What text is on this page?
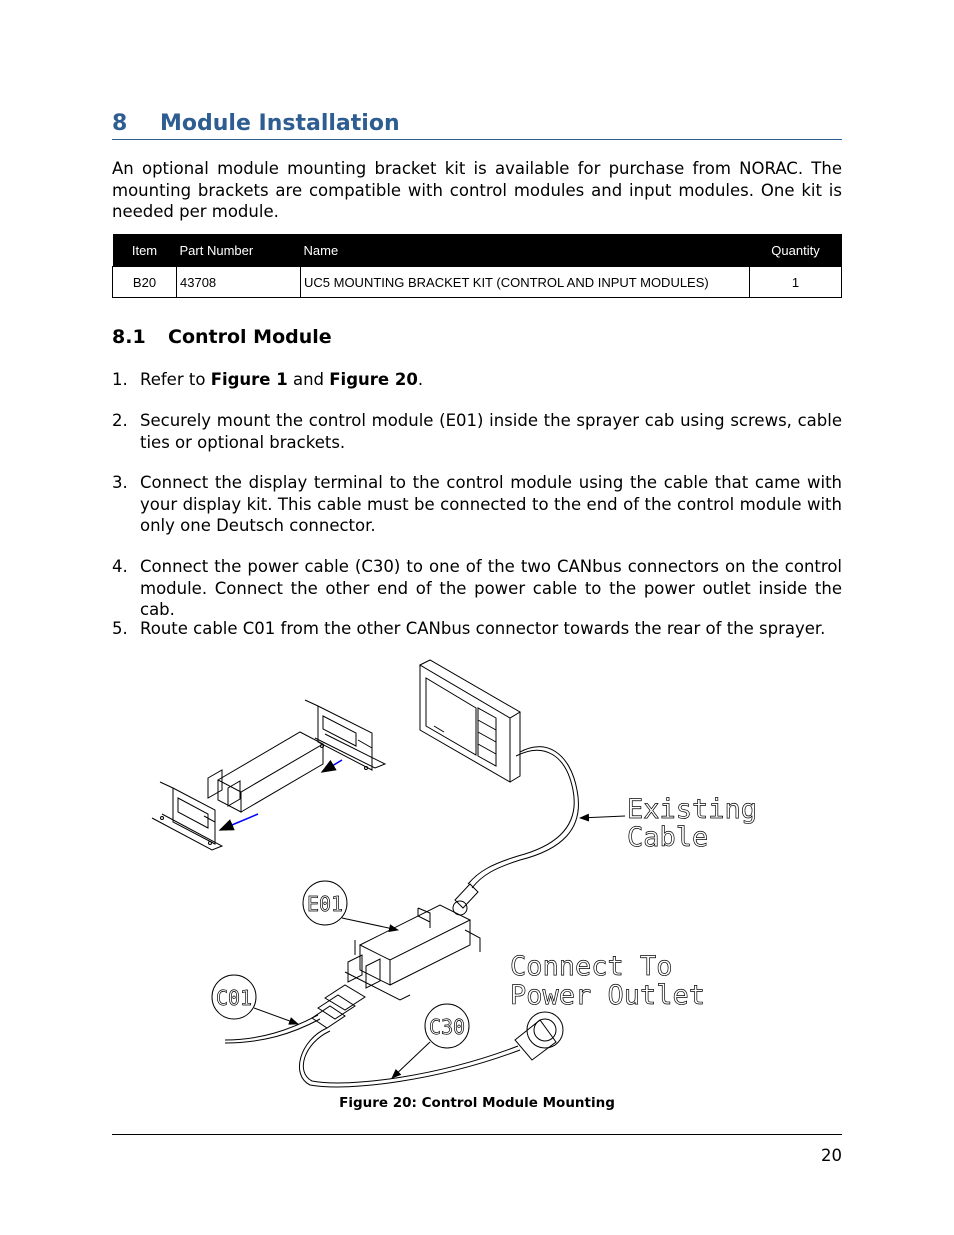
8 Module Installation
An optional module mounting bracket kit is available for purchase from NORAC. The mounting brackets are compatible with control modules and input modules. One kit is needed per module.
Item	Part Number	Name	Quantity
B20	43708	UC5 MOUNTING BRACKET KIT (CONTROL AND INPUT MODULES)	1
8.1 Control Module
1. Refer to Figure 1 and Figure 20.
2. Securely mount the control module (E01) inside the sprayer cab using screws, cable ties or optional brackets.
3. Connect the display terminal to the control module using the cable that came with your display kit. This cable must be connected to the end of the control module with only one Deutsch connector.
4. Connect the power cable (C30) to one of the two CANbus connectors on the control module. Connect the other end of the power cable to the power outlet inside the cab.
5. Route cable C01 from the other CANbus connector towards the rear of the sprayer.
Existing
Cable
Connect To
Power Outlet
E01
C01
C30
Figure 20: Control Module Mounting
20
